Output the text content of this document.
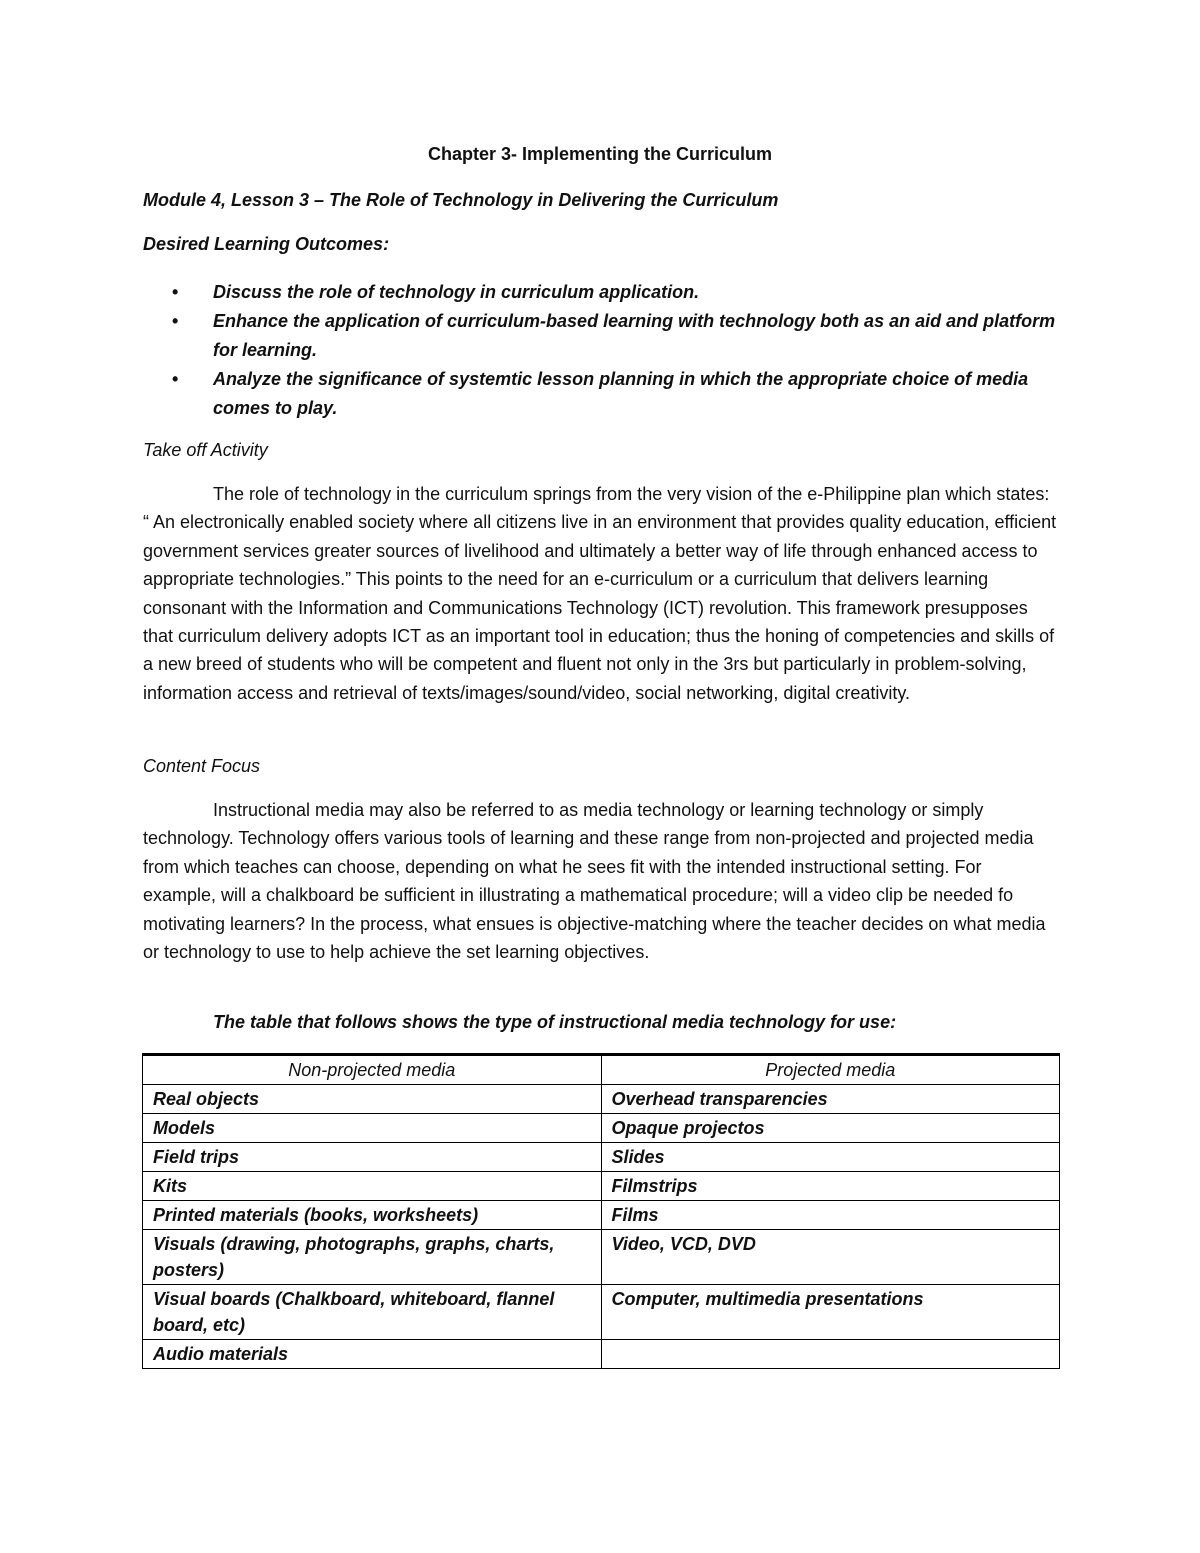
Chapter 3- Implementing the Curriculum
Module 4, Lesson 3 – The Role of Technology in Delivering the Curriculum
Desired Learning Outcomes:
• Discuss the role of technology in curriculum application.
• Enhance the application of curriculum-based learning with technology both as an aid and platform for learning.
• Analyze the significance of systemtic lesson planning in which the appropriate choice of media comes to play.
Take off Activity

The role of technology in the curriculum springs from the very vision of the e-Philippine plan which states: “ An electronically enabled society where all citizens live in an environment that provides quality education, efficient government services greater sources of livelihood and ultimately a better way of life through enhanced access to appropriate technologies.” This points to the need for an e-curriculum or a curriculum that delivers learning consonant with the Information and Communications Technology (ICT) revolution. This framework presupposes that curriculum delivery adopts ICT as an important tool in education; thus the honing of competencies and skills of a new breed of students who will be competent and fluent not only in the 3rs but particularly in problem-solving, information access and retrieval of texts/images/sound/video, social networking, digital creativity.

Content Focus

Instructional media may also be referred to as media technology or learning technology or simply technology. Technology offers various tools of learning and these range from non-projected and projected media from which teaches can choose, depending on what he sees fit with the intended instructional setting. For example, will a chalkboard be sufficient in illustrating a mathematical procedure; will a video clip be needed fo motivating learners? In the process, what ensues is objective-matching where the teacher decides on what media or technology to use to help achieve the set learning objectives.

The table that follows shows the type of instructional media technology for use:
Non-projected media	Projected media
Real objects	Overhead transparencies
Models	Opaque projectos
Field trips	Slides
Kits	Filmstrips
Printed materials (books, worksheets)	Films
Visuals (drawing, photographs, graphs, charts, posters)	Video, VCD, DVD
Visual boards (Chalkboard, whiteboard, flannel board, etc)	Computer, multimedia presentations
Audio materials	
